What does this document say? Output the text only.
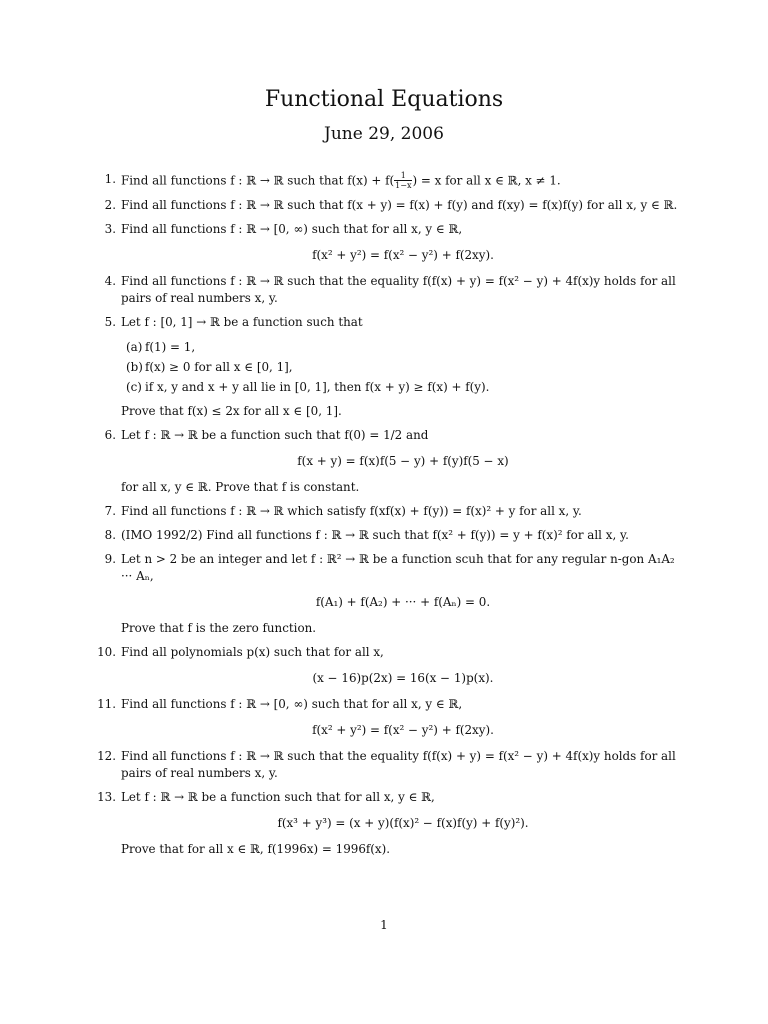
Functional Equations
June 29, 2006
1. Find all functions f : ℝ → ℝ such that $f(x) + f( \frac{1}{1-x}$ ) = x for all x ∈ ℝ, x ≠ 1.
2. Find all functions f : ℝ → ℝ such that f(x + y) = f(x) + f(y) and f(xy) = f(x)f(y) for all x, y ∈ ℝ.
3. Find all functions f : ℝ → [0, ∞) such that for all x, y ∈ ℝ,
f(x² + y²) = f(x² − y²) + f(2xy).
4. Find all functions f : ℝ → ℝ such that the equality f(f(x) + y) = f(x² − y) + 4f(x)y holds for all pairs of real numbers x, y.
5. Let f : [0, 1] → ℝ be a function such that
(a) f(1) = 1,
(b) f(x) ≥ 0 for all x ∈ [0, 1],
(c) if x, y and x + y all lie in [0, 1], then f(x + y) ≥ f(x) + f(y).
Prove that f(x) ≤ 2x for all x ∈ [0, 1].
6. Let f : ℝ → ℝ be a function such that f(0) = 1/2 and
f(x + y) = f(x)f(5 − y) + f(y)f(5 − x)
for all x, y ∈ ℝ. Prove that f is constant.
7. Find all functions f : ℝ → ℝ which satisfy f(xf(x) + f(y)) = f(x)² + y for all x, y.
8. (IMO 1992/2) Find all functions f : ℝ → ℝ such that f(x² + f(y)) = y + f(x)² for all x, y.
9. Let n > 2 be an integer and let f : ℝ² → ℝ be a function scuh that for any regular n-gon A₁A₂ ··· Aₙ,
f(A₁) + f(A₂) + ··· + f(Aₙ) = 0.
Prove that f is the zero function.
10. Find all polynomials p(x) such that for all x,
(x − 16)p(2x) = 16(x − 1)p(x).
11. Find all functions f : ℝ → [0, ∞) such that for all x, y ∈ ℝ,
f(x² + y²) = f(x² − y²) + f(2xy).
12. Find all functions f : ℝ → ℝ such that the equality f(f(x) + y) = f(x² − y) + 4f(x)y holds for all pairs of real numbers x, y.
13. Let f : ℝ → ℝ be a function such that for all x, y ∈ ℝ,
f(x³ + y³) = (x + y)(f(x)² − f(x)f(y) + f(y)²).
Prove that for all x ∈ ℝ, f(1996x) = 1996f(x).
1
